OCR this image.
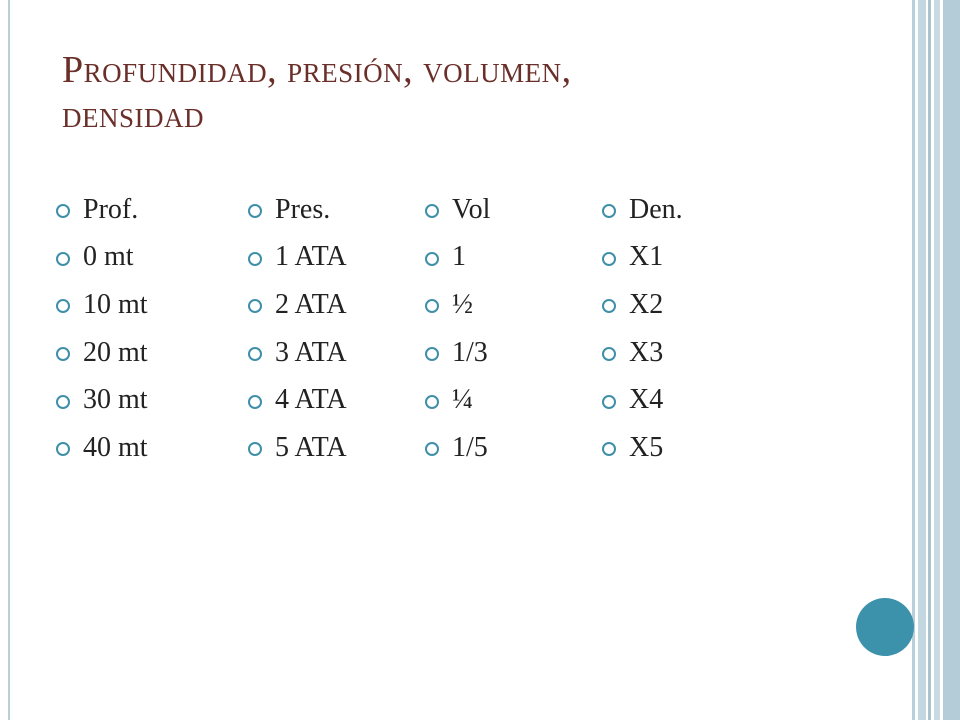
Profundidad, presión, volumen,
densidad
Prof.
0 mt
10 mt
20 mt
30 mt
40 mt
Pres.
1 ATA
2 ATA
3 ATA
4 ATA
5 ATA
Vol
1
½
1/3
¼
1/5
Den.
X1
X2
X3
X4
X5
